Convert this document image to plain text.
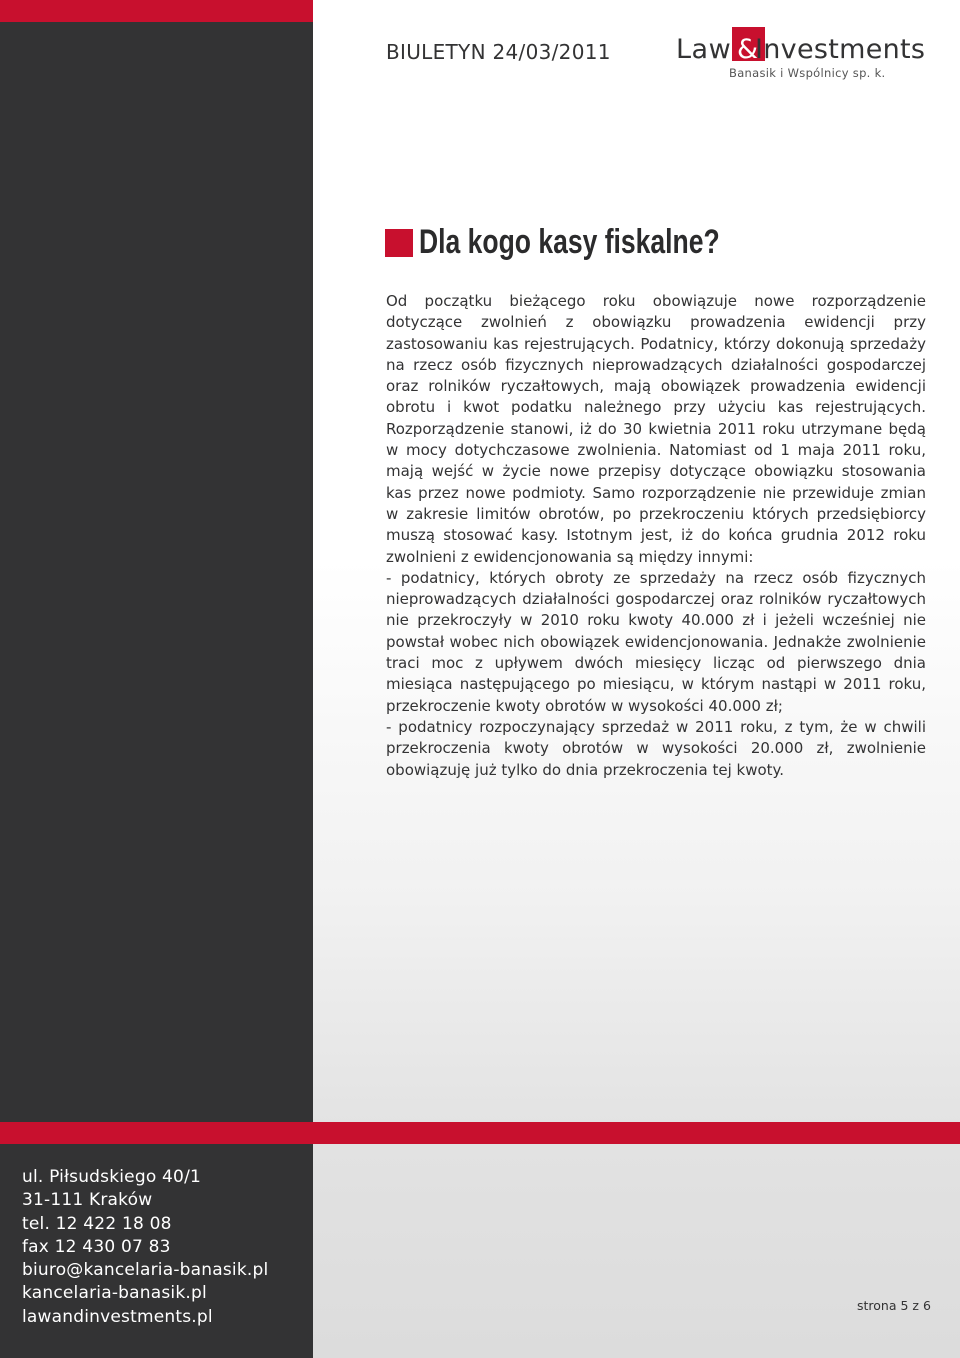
BIULETYN 24/03/2011 Law &
Investments
Banasik i Wspólnicy sp. k.
Dla kogo kasy fiskalne?

Od początku bieżącego roku obowiązuje nowe rozporządzenie dotyczące zwolnień z obowiązku prowadzenia ewidencji przy zastosowaniu kas rejestrujących. Podatnicy, którzy dokonują sprzedaży na rzecz osób fizycznych nieprowadzących działalności gospodarczej oraz rolników ryczałtowych, mają obowiązek prowadzenia ewidencji obrotu i kwot podatku należnego przy użyciu kas rejestrujących. Rozporządzenie stanowi, iż do 30 kwietnia 2011 roku utrzymane będą w mocy dotychczasowe zwolnienia. Natomiast od 1 maja 2011 roku, mają wejść w życie nowe przepisy dotyczące obowiązku stosowania kas przez nowe podmioty. Samo rozporządzenie nie przewiduje zmian w zakresie limitów obrotów, po przekroczeniu których przedsiębiorcy muszą stosować kasy. Istotnym jest, iż do końca grudnia 2012 roku zwolnieni z ewidencjonowania są między innymi:

- podatnicy, których obroty ze sprzedaży na rzecz osób fizycznych nieprowadzących działalności gospodarczej oraz rolników ryczałtowych nie przekroczyły w 2010 roku kwoty 40.000 zł i jeżeli wcześniej nie powstał wobec nich obowiązek ewidencjonowania. Jednakże zwolnienie traci moc z upływem dwóch miesięcy licząc od pierwszego dnia miesiąca następującego po miesiącu, w którym nastąpi w 2011 roku, przekroczenie kwoty obrotów w wysokości 40.000 zł;

- podatnicy rozpoczynający sprzedaż w 2011 roku, z tym, że w chwili przekroczenia kwoty obrotów w wysokości 20.000 zł, zwolnienie obowiązuję już tylko do dnia przekroczenia tej kwoty.

ul. Piłsudskiego 40/1
31-111 Kraków
tel. 12 422 18 08
fax 12 430 07 83
biuro@kancelaria-banasik.pl
kancelaria-banasik.pl
lawandinvestments.pl
strona 5 z 6
